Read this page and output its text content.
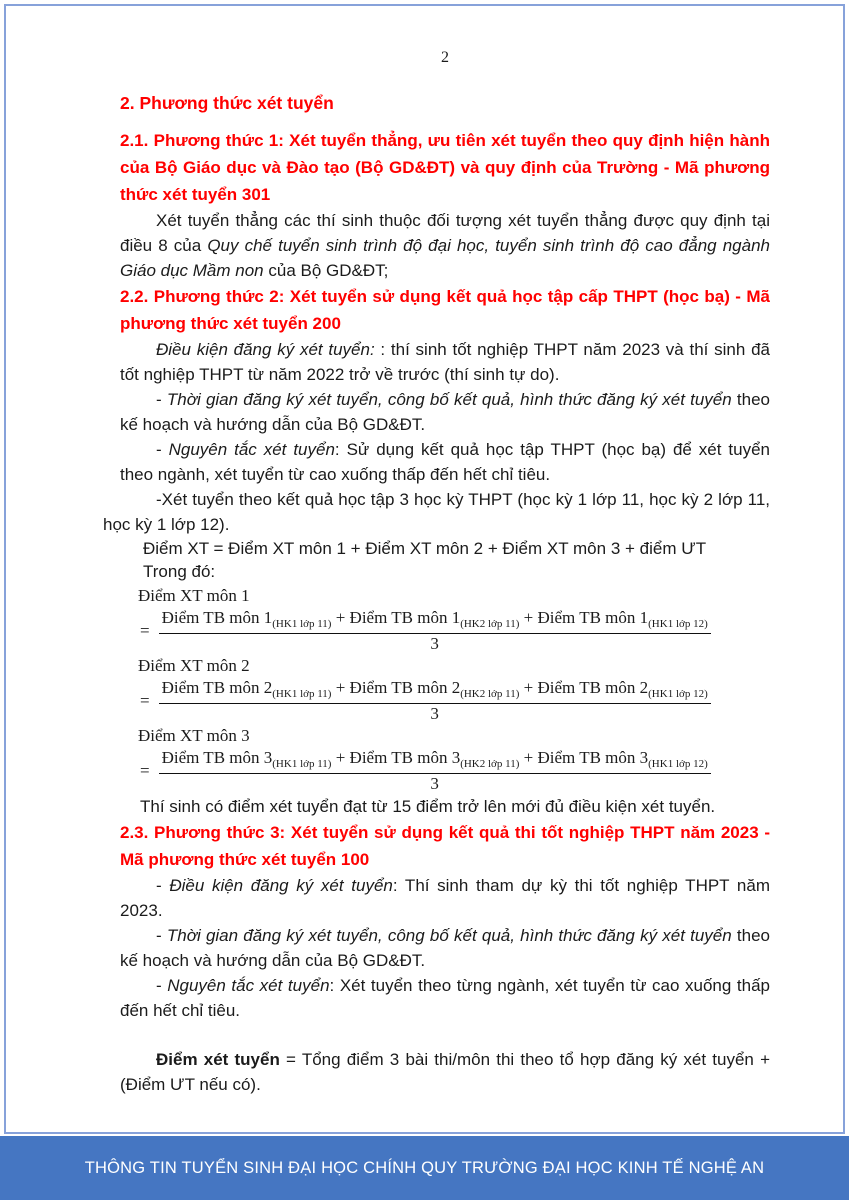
2
2. Phương thức xét tuyển
2.1. Phương thức 1: Xét tuyển thẳng, ưu tiên xét tuyển theo quy định hiện hành của Bộ Giáo dục và Đào tạo (Bộ GD&ĐT) và quy định của Trường - Mã phương thức xét tuyển 301
Xét tuyển thẳng các thí sinh thuộc đối tượng xét tuyển thẳng được quy định tại điều 8 của Quy chế tuyển sinh trình độ đại học, tuyển sinh trình độ cao đẳng ngành Giáo dục Mầm non của Bộ GD&ĐT;
2.2. Phương thức 2: Xét tuyển sử dụng kết quả học tập cấp THPT (học bạ) - Mã phương thức xét tuyển 200
Điều kiện đăng ký xét tuyển: : thí sinh tốt nghiệp THPT năm 2023 và thí sinh đã tốt nghiệp THPT từ năm 2022 trở về trước (thí sinh tự do).
- Thời gian đăng ký xét tuyển, công bố kết quả, hình thức đăng ký xét tuyển theo kế hoạch và hướng dẫn của Bộ GD&ĐT.
- Nguyên tắc xét tuyển: Sử dụng kết quả học tập THPT (học bạ) để xét tuyển theo ngành, xét tuyển từ cao xuống thấp đến hết chỉ tiêu.
-Xét tuyển theo kết quả học tập 3 học kỳ THPT (học kỳ 1 lớp 11, học kỳ 2 lớp 11, học kỳ 1 lớp 12).
Điểm XT = Điểm XT môn 1 + Điểm XT môn 2 + Điểm XT môn 3 + điểm ƯT
Trong đó:
Điểm XT môn 1
=
Điểm TB môn $1_{(HK1 lớp 11)}$ + Điểm TB môn $1_{(HK2 lớp 11)}$ + Điểm TB môn $1_{(HK1 lớp 12)}$
3
Điểm XT môn 2
=
Điểm TB môn $2_{(HK1 lớp 11)}$ + Điểm TB môn $2_{(HK2 lớp 11)}$ + Điểm TB môn $2_{(HK1 lớp 12)}$
3
Điểm XT môn 3
=
Điểm TB môn $3_{(HK1 lớp 11)}$ + Điểm TB môn $3_{(HK2 lớp 11)}$ + Điểm TB môn $3_{(HK1 lớp 12)}$
3
Thí sinh có điểm xét tuyển đạt từ 15 điểm trở lên mới đủ điều kiện xét tuyển.
2.3. Phương thức 3: Xét tuyển sử dụng kết quả thi tốt nghiệp THPT năm 2023 - Mã phương thức xét tuyển 100
- Điều kiện đăng ký xét tuyển: Thí sinh tham dự kỳ thi tốt nghiệp THPT năm 2023.
- Thời gian đăng ký xét tuyển, công bố kết quả, hình thức đăng ký xét tuyển theo kế hoạch và hướng dẫn của Bộ GD&ĐT.
- Nguyên tắc xét tuyển: Xét tuyển theo từng ngành, xét tuyển từ cao xuống thấp đến hết chỉ tiêu.
Điểm xét tuyển = Tổng điểm 3 bài thi/môn thi theo tổ hợp đăng ký xét tuyển + (Điểm ƯT nếu có).
THÔNG TIN TUYỂN SINH ĐẠI HỌC CHÍNH QUY TRƯỜNG ĐẠI HỌC KINH TẾ NGHỆ AN
